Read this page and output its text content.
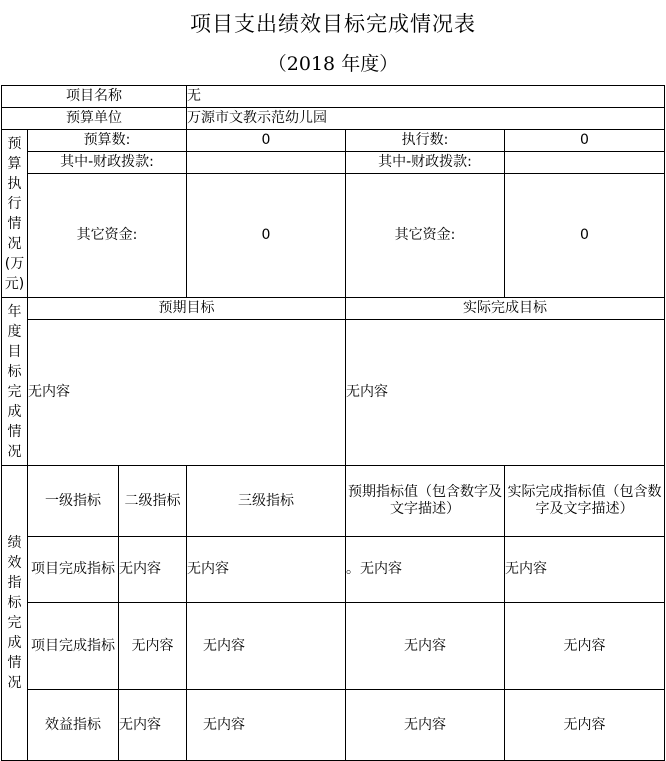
项目支出绩效目标完成情况表
（2018 年度）
项目名称			无		
预算单位			万源市文教示范幼儿园		
预算执行情况(万元)	预算数:		0	执行数:	0
	其中-财政拨款:			其中-财政拨款:	
	其它资金:		0	其它资金:	0
年度目标完成情况	预期目标			实际完成目标	
	无内容			无内容	
绩效指标完成情况	一级指标	二级指标	三级指标	预期指标值（包含数字及文字描述）	实际完成指标值（包含数字及文字描述）
	项目完成指标	无内容	无内容	。无内容	无内容
	项目完成指标	无内容	无内容	无内容	无内容
	效益指标	无内容	无内容	无内容	无内容
